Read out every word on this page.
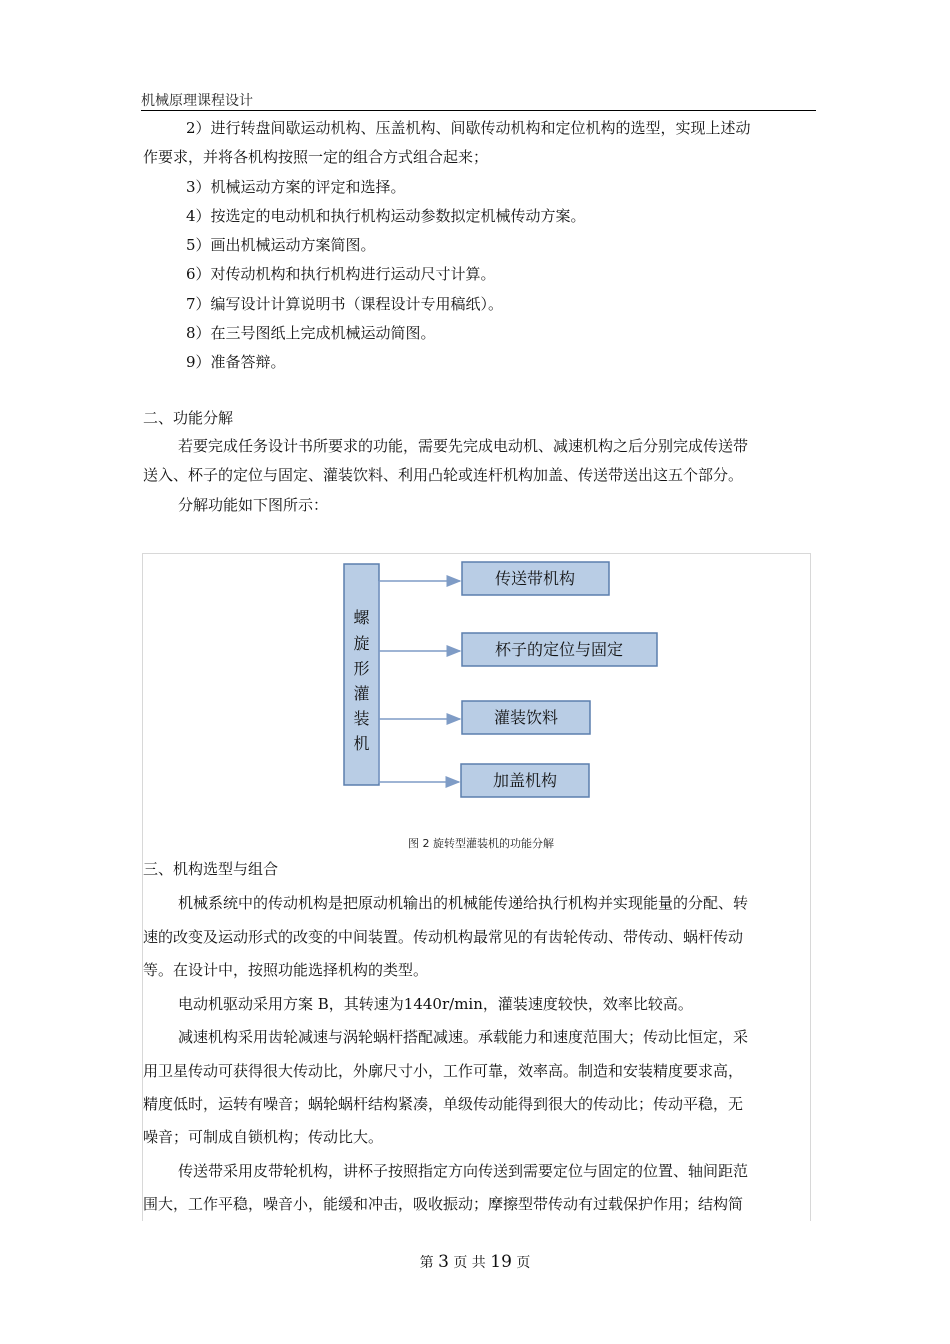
机械原理课程设计
2）进行转盘间歇运动机构、压盖机构、间歇传动机构和定位机构的选型，实现上述动
作要求，并将各机构按照一定的组合方式组合起来；
3）机械运动方案的评定和选择。
4）按选定的电动机和执行机构运动参数拟定机械传动方案。
5）画出机械运动方案简图。
6）对传动机构和执行机构进行运动尺寸计算。
7）编写设计计算说明书（课程设计专用稿纸）。
8）在三号图纸上完成机械运动简图。
9）准备答辩。
二、功能分解
若要完成任务设计书所要求的功能，需要先完成电动机、减速机构之后分别完成传送带
送入、杯子的定位与固定、灌装饮料、利用凸轮或连杆机构加盖、传送带送出这五个部分。
分解功能如下图所示：
螺
旋
形
灌
装
机
传送带机构
杯子的定位与固定
灌装饮料
加盖机构
图 2 旋转型灌装机的功能分解
三、机构选型与组合
机械系统中的传动机构是把原动机输出的机械能传递给执行机构并实现能量的分配、转
速的改变及运动形式的改变的中间装置。传动机构最常见的有齿轮传动、带传动、蜗杆传动
等。在设计中，按照功能选择机构的类型。
电动机驱动采用方案 B，其转速为1440r/min，灌装速度较快，效率比较高。
减速机构采用齿轮减速与涡轮蜗杆搭配减速。承载能力和速度范围大；传动比恒定，采
用卫星传动可获得很大传动比，外廓尺寸小，工作可靠，效率高。制造和安装精度要求高，
精度低时，运转有噪音；蜗轮蜗杆结构紧凑，单级传动能得到很大的传动比；传动平稳，无
噪音；可制成自锁机构；传动比大。
传送带采用皮带轮机构，讲杯子按照指定方向传送到需要定位与固定的位置、轴间距范
围大，工作平稳，噪音小，能缓和冲击，吸收振动；摩擦型带传动有过载保护作用；结构简
第 3 页 共 19 页
